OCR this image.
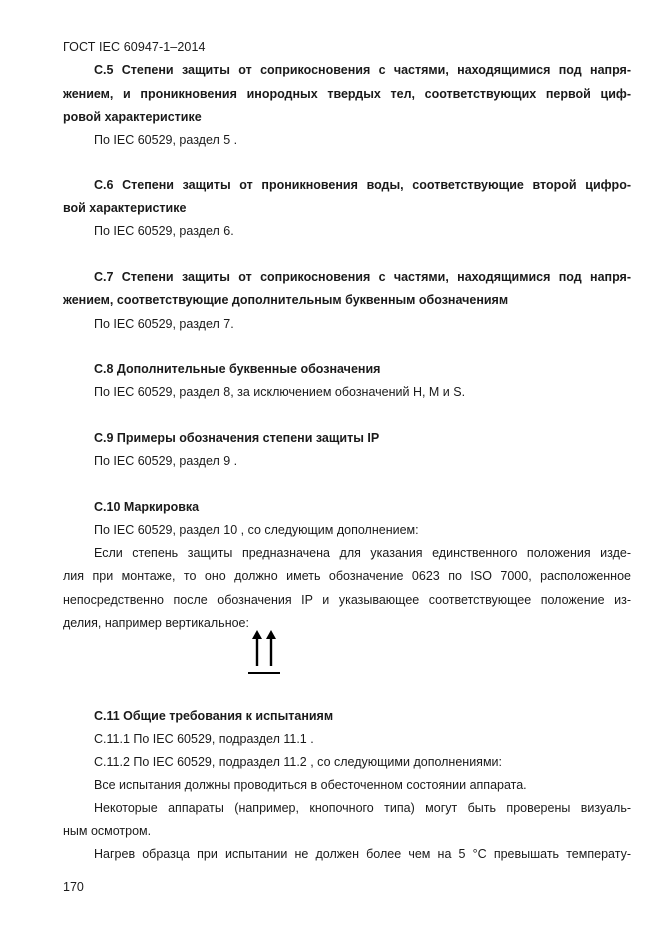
ГОСТ IEC 60947-1–2014
C.5 Степени защиты от соприкосновения с частями, находящимися под напря-
жением, и проникновения инородных твердых тел, соответствующих первой циф-
ровой характеристике
По IEC 60529, раздел 5 .
C.6 Степени защиты от проникновения воды, соответствующие второй цифро-
вой характеристике
По IEC 60529, раздел 6.
C.7 Степени защиты от соприкосновения с частями, находящимися под напря-
жением, соответствующие дополнительным буквенным обозначениям
По IEC 60529, раздел 7.
C.8 Дополнительные буквенные обозначения
По IEC 60529, раздел 8, за исключением обозначений H, M и S.
C.9 Примеры обозначения степени защиты IP
По IEC 60529, раздел 9 .
C.10 Маркировка
По IEC 60529, раздел 10 , со следующим дополнением:
Если степень защиты предназначена для указания единственного положения изде-
лия при монтаже, то оно должно иметь обозначение 0623 по ISO 7000, расположенное
непосредственно после обозначения IP и указывающее соответствующее положение из-
делия, например вертикальное:
C.11 Общие требования к испытаниям
C.11.1 По IEC 60529, подраздел 11.1 .
C.11.2 По IEC 60529, подраздел 11.2 , со следующими дополнениями:
Все испытания должны проводиться в обесточенном состоянии аппарата.
Некоторые аппараты (например, кнопочного типа) могут быть проверены визуаль-
ным осмотром.
Нагрев образца при испытании не должен более чем на 5 °C превышать температу-
170
